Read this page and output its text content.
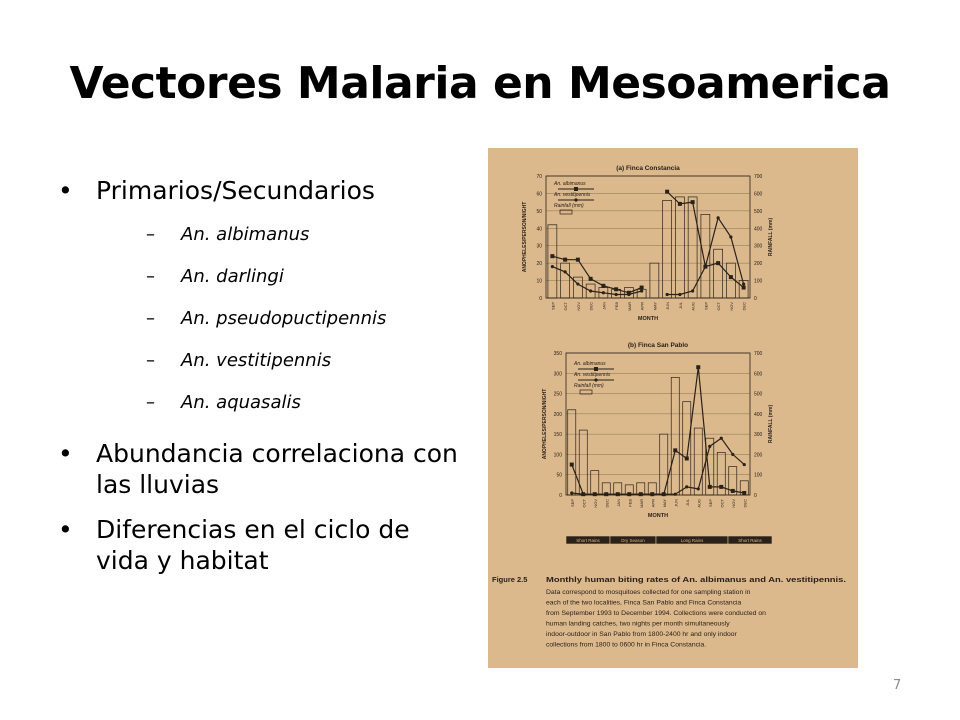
Vectores Malaria en Mesoamerica
• Primarios/Secundarios
– An. albimanus
– An. darlingi
– An. pseudopuctipennis
– An. vestitipennis
– An. aquasalis
• Abundancia correlaciona con las lluvias
• Diferencias en el ciclo de vida y habitat
(a) Finca Constancia
0
10
20
30
40
50
60
70
0
100
200
300
400
500
600
700
SEP OCT NOV DEC JAN FEB MAR APR MAY JUN JUL AUG SEP OCT NOV DEC
MONTH
ANOPHELES/PERSON/NIGHT	RAINFALL (mm)
An. albimanus
An. vestitipennis
Rainfall (mm)
(b) Finca San Pablo
0
50
100
150
200
250
300
350
0
100
200
300
400
500
600
700
SEP OCT NOV DEC JAN FEB MAR APR MAY JUN JUL AUG SEP OCT NOV DEC
MONTH
ANOPHELES/PERSON/NIGHT	RAINFALL (mm)
An. albimanus
An. vestitipennis
Rainfall (mm)
Short Rains	Dry Season	Long Rains	Short Rains
Figure 2.5 Monthly human biting rates of An. albimanus and An. vestitipennis.
Data correspond to mosquitoes collected for one sampling station in
each of the two localities, Finca San Pablo and Finca Constancia
from September 1993 to December 1994. Collections were conducted on
human landing catches, two nights per month simultaneously
indoor-outdoor in San Pablo from 1800-2400 hr and only indoor
collections from 1800 to 0600 hr in Finca Constancia.
7
